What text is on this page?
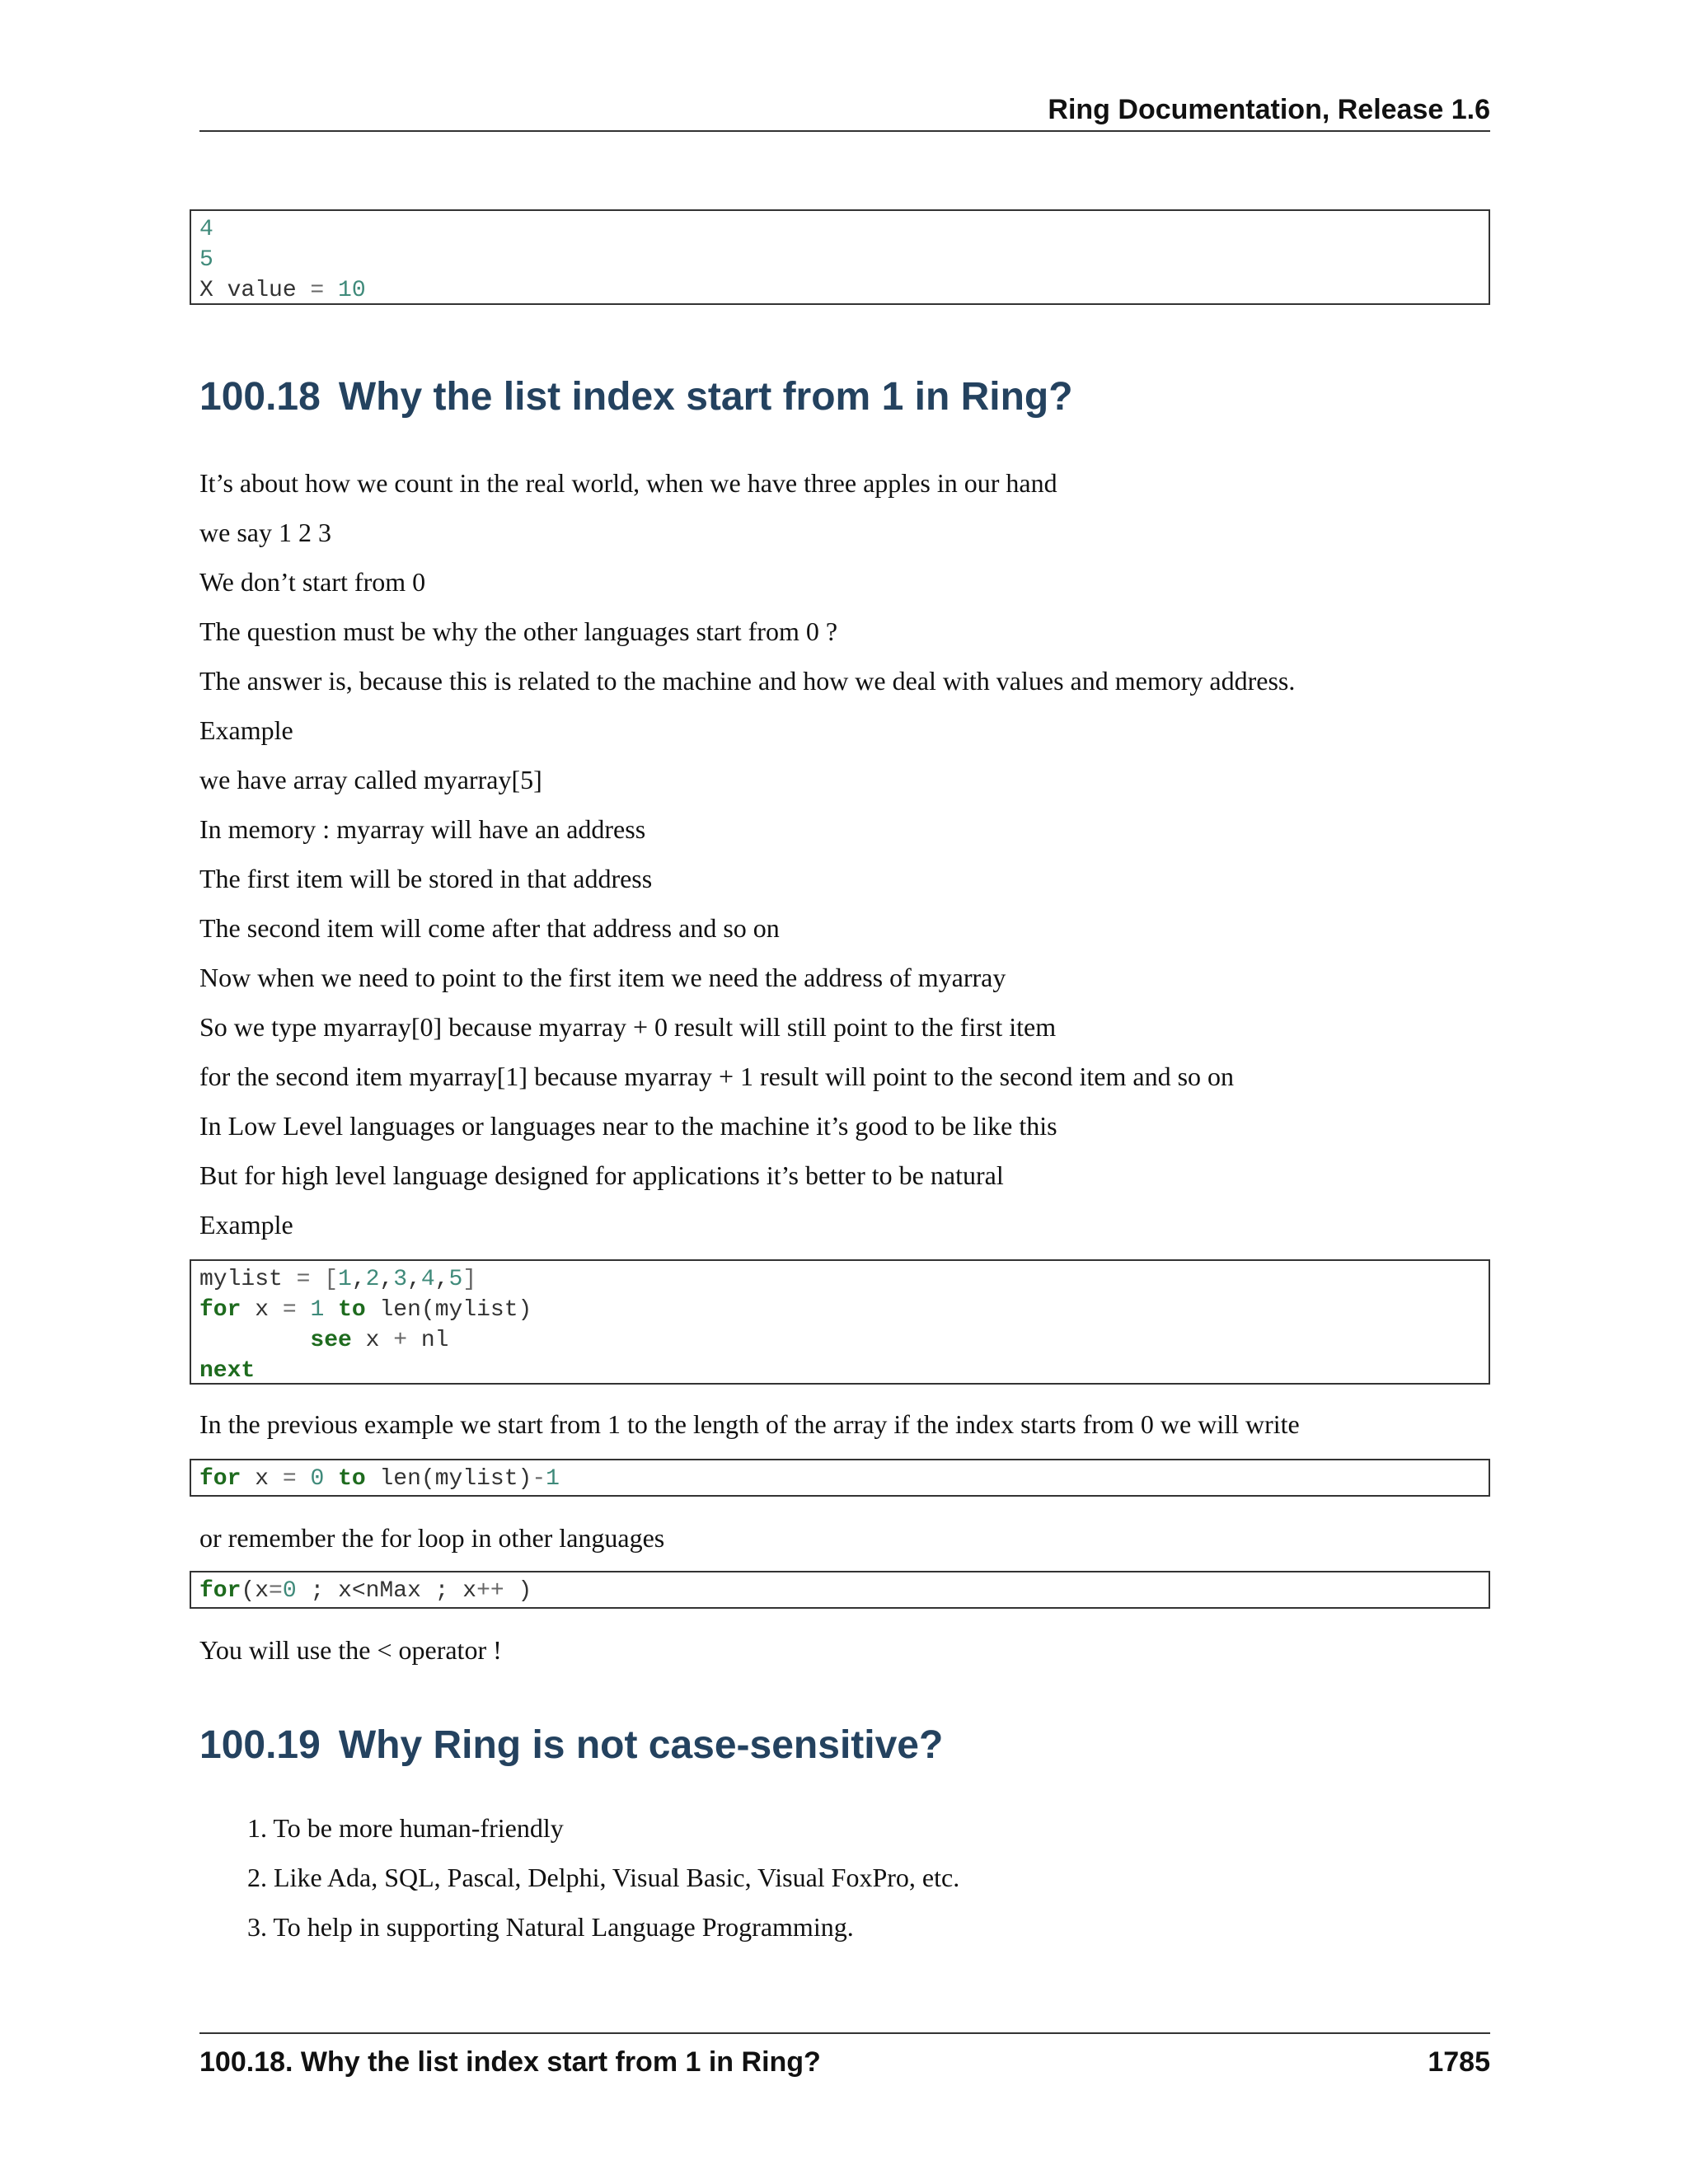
Ring Documentation, Release 1.6
4
5
X value = 10
100.18 Why the list index start from 1 in Ring?

It’s about how we count in the real world, when we have three apples in our hand

we say 1 2 3

We don’t start from 0

The question must be why the other languages start from 0 ?

The answer is, because this is related to the machine and how we deal with values and memory address.

Example

we have array called myarray[5]

In memory : myarray will have an address

The first item will be stored in that address

The second item will come after that address and so on

Now when we need to point to the first item we need the address of myarray

So we type myarray[0] because myarray + 0 result will still point to the first item

for the second item myarray[1] because myarray + 1 result will point to the second item and so on

In Low Level languages or languages near to the machine it’s good to be like this

But for high level language designed for applications it’s better to be natural

Example

mylist = [1,2,3,4,5]
for x = 1 to len(mylist)
see x + nl
next

In the previous example we start from 1 to the length of the array if the index starts from 0 we will write

for x = 0 to len(mylist)-1

or remember the for loop in other languages

for(x=0 ; x<nMax ; x++ )

You will use the < operator !

100.19 Why Ring is not case-sensitive?
1. To be more human-friendly
2. Like Ada, SQL, Pascal, Delphi, Visual Basic, Visual FoxPro, etc.
3. To help in supporting Natural Language Programming.
100.18. Why the list index start from 1 in Ring?	1785
